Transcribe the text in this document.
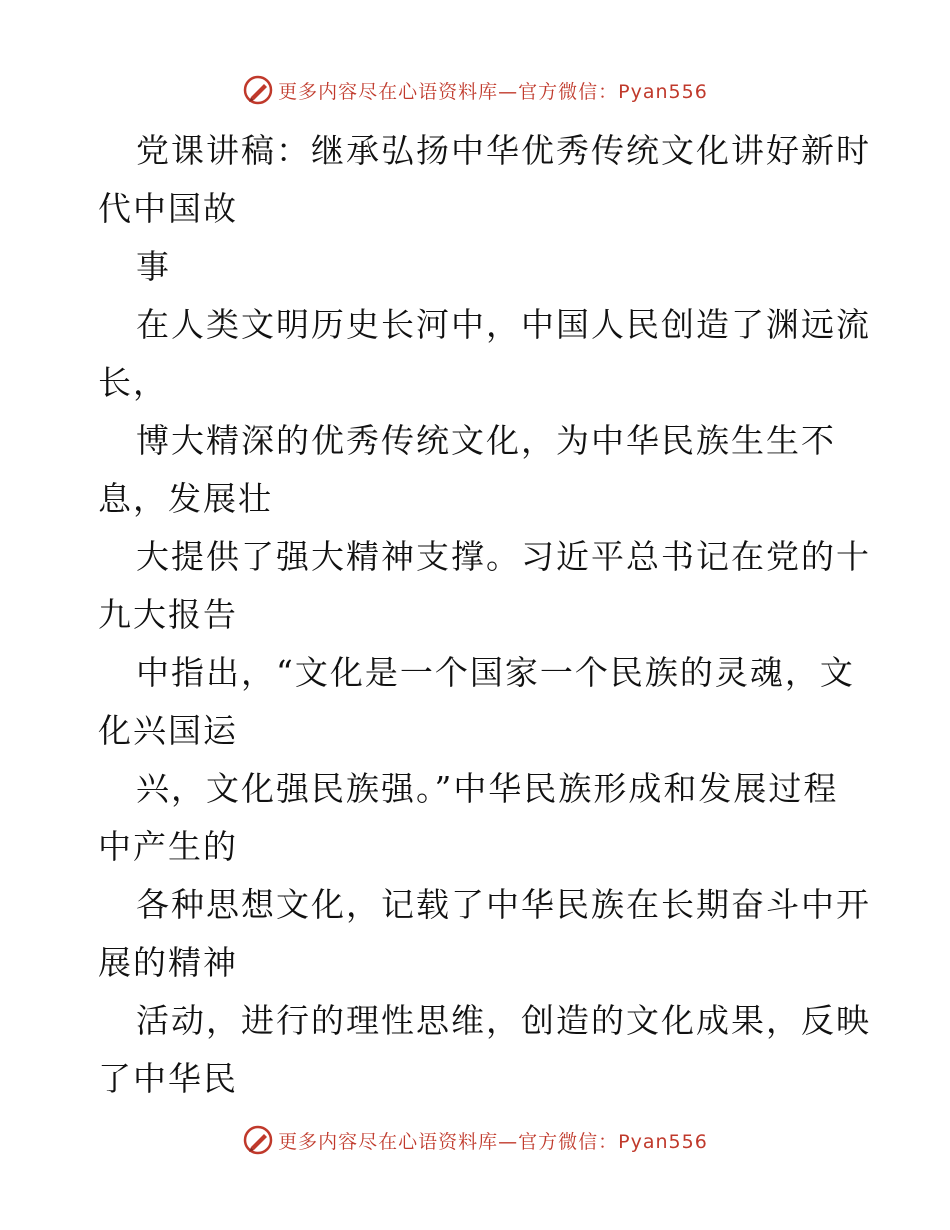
更多内容尽在心语资料库—官方微信：Pyan556
党课讲稿：继承弘扬中华优秀传统文化讲好新时
代中国故
事
在人类文明历史长河中，中国人民创造了渊远流
长，
博大精深的优秀传统文化，为中华民族生生不
息，发展壮
大提供了强大精神支撑。习近平总书记在党的十
九大报告
中指出，“文化是一个国家一个民族的灵魂，文
化兴国运
兴，文化强民族强。”中华民族形成和发展过程
中产生的
各种思想文化，记载了中华民族在长期奋斗中开
展的精神
活动，进行的理性思维，创造的文化成果，反映
了中华民
更多内容尽在心语资料库—官方微信：Pyan556
